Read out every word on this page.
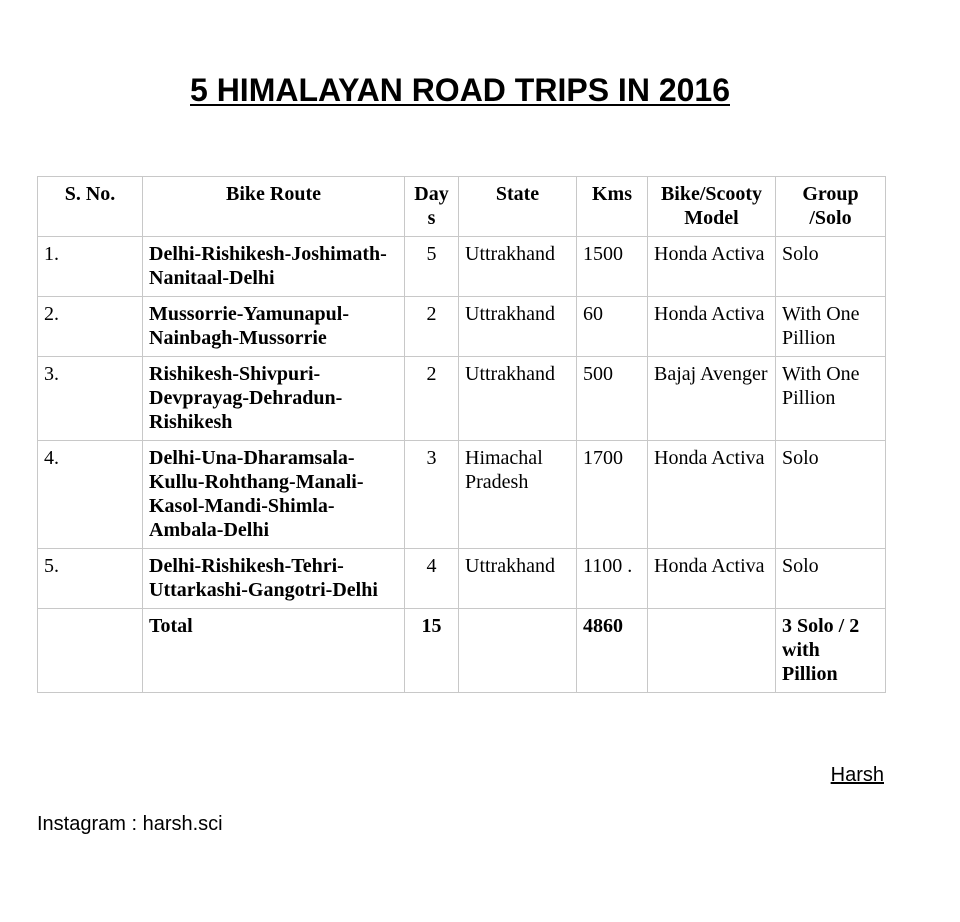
5 HIMALAYAN ROAD TRIPS IN 2016
S. No.	Bike Route	Days	State	Kms	Bike/Scooty Model	Group /Solo
1.	Delhi-Rishikesh-Joshimath-Nanitaal-Delhi	5	Uttrakhand	1500	Honda Activa	Solo
2.	Mussorrie-Yamunapul-Nainbagh-Mussorrie	2	Uttrakhand	60	Honda Activa	With One Pillion
3.	Rishikesh-Shivpuri-Devprayag-Dehradun-Rishikesh	2	Uttrakhand	500	Bajaj Avenger	With One Pillion
4.	Delhi-Una-Dharamsala-Kullu-Rohthang-Manali-Kasol-Mandi-Shimla-Ambala-Delhi	3	Himachal Pradesh	1700	Honda Activa	Solo
5.	Delhi-Rishikesh-Tehri-Uttarkashi-Gangotri-Delhi	4	Uttrakhand	1100 .	Honda Activa	Solo
	Total	15		4860		3 Solo / 2 with Pillion
Harsh
Instagram : harsh.sci
